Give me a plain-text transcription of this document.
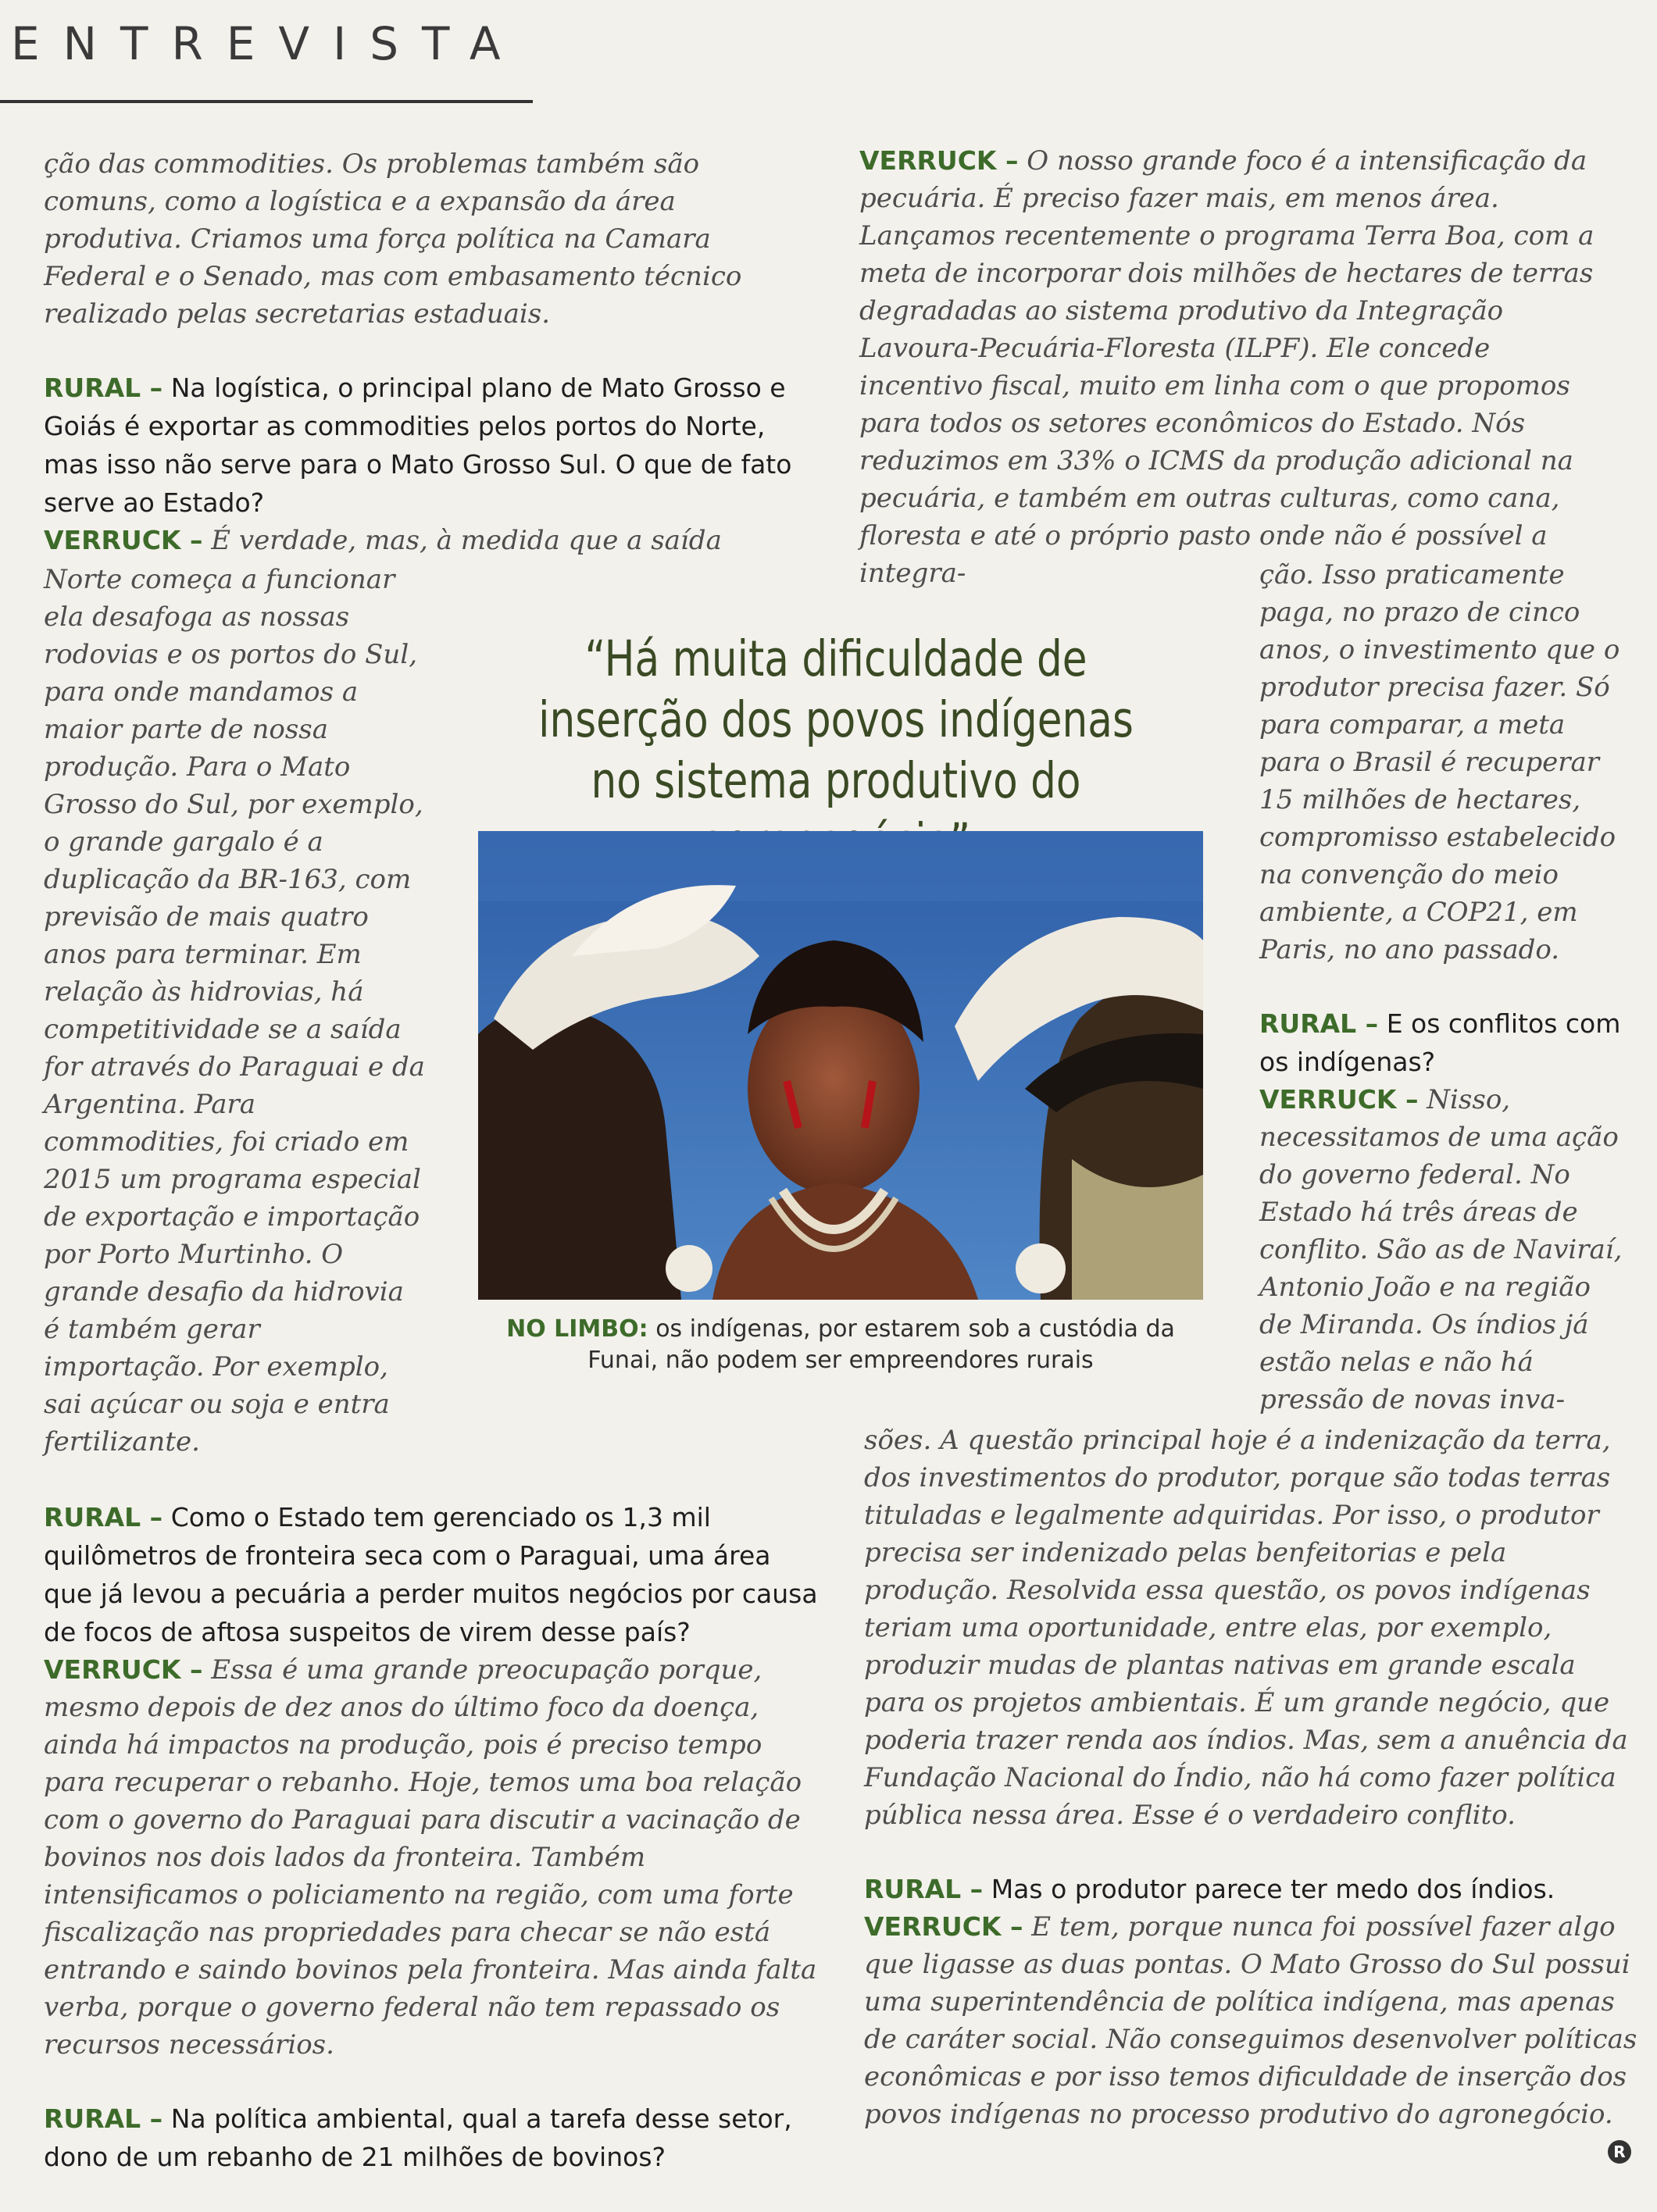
ENTREVISTA

ção das commodities. Os problemas também são comuns, como a logística e a expansão da área produtiva. Criamos uma força política na Camara Federal e o Senado, mas com embasamento técnico realizado pelas secretarias estaduais.

RURAL – Na logística, o principal plano de Mato Grosso e Goiás é exportar as commodities pelos portos do Norte, mas isso não serve para o Mato Grosso Sul. O que de fato serve ao Estado?

VERRUCK – É verdade, mas, à medida que a saída

Norte começa a funcionar ela desafoga as nossas rodovias e os portos do Sul, para onde mandamos a maior parte de nossa produção. Para o Mato Grosso do Sul, por exemplo, o grande gargalo é a duplicação da BR-163, com previsão de mais quatro anos para terminar. Em relação às hidrovias, há competitividade se a saída for através do Paraguai e da Argentina. Para commodities, foi criado em 2015 um programa especial de exportação e importação por Porto Murtinho. O grande desafio da hidrovia é também gerar importação. Por exemplo, sai açúcar ou soja e entra fertilizante.

RURAL – Como o Estado tem gerenciado os 1,3 mil quilômetros de fronteira seca com o Paraguai, uma área que já levou a pecuária a perder muitos negócios por causa de focos de aftosa suspeitos de virem desse país?

VERRUCK – Essa é uma grande preocupação porque, mesmo depois de dez anos do último foco da doença, ainda há impactos na produção, pois é preciso tempo para recuperar o rebanho. Hoje, temos uma boa relação com o governo do Paraguai para discutir a vacinação de bovinos nos dois lados da fronteira. Também intensificamos o policiamento na região, com uma forte fiscalização nas propriedades para checar se não está entrando e saindo bovinos pela fronteira. Mas ainda falta verba, porque o governo federal não tem repassado os recursos necessários.

RURAL – Na política ambiental, qual a tarefa desse setor, dono de um rebanho de 21 milhões de bovinos?

VERRUCK – O nosso grande foco é a intensificação da pecuária. É preciso fazer mais, em menos área. Lançamos recentemente o programa Terra Boa, com a meta de incorporar dois milhões de hectares de terras degradadas ao sistema produtivo da Integração Lavoura-Pecuária-Floresta (ILPF). Ele concede incentivo fiscal, muito em linha com o que propomos para todos os setores econômicos do Estado. Nós reduzimos em 33% o ICMS da produção adicional na pecuária, e também em outras culturas, como cana, floresta e até o próprio pasto onde não é possível a integra-	ção. Isso praticamente paga, no prazo de cinco anos, o investimento que o produtor precisa fazer. Só para comparar, a meta para o Brasil é recuperar 15 milhões de hectares, compromisso estabelecido na convenção do meio ambiente, a COP21, em Paris, no ano passado.

RURAL – E os conflitos com os indígenas?

VERRUCK – Nisso, necessitamos de uma ação do governo federal. No Estado há três áreas de conflito. São as de Naviraí, Antonio João e na região de Miranda. Os índios já estão nelas e não há pressão de novas inva-

sões. A questão principal hoje é a indenização da terra, dos investimentos do produtor, porque são todas terras tituladas e legalmente adquiridas. Por isso, o produtor precisa ser indenizado pelas benfeitorias e pela produção. Resolvida essa questão, os povos indígenas teriam uma oportunidade, entre elas, por exemplo, produzir mudas de plantas nativas em grande escala para os projetos ambientais. É um grande negócio, que poderia trazer renda aos índios. Mas, sem a anuência da Fundação Nacional do Índio, não há como fazer política pública nessa área. Esse é o verdadeiro conflito.

RURAL – Mas o produtor parece ter medo dos índios.

VERRUCK – E tem, porque nunca foi possível fazer algo que ligasse as duas pontas. O Mato Grosso do Sul possui uma superintendência de política indígena, mas apenas de caráter social. Não conseguimos desenvolver políticas econômicas e por isso temos dificuldade de inserção dos povos indígenas no processo produtivo do agronegócio.

“Há muita dificuldade de inserção dos povos indígenas no sistema produtivo do

NO LIMBO: os indígenas, por estarem sob a custódia da Funai, não podem ser empreendores rurais

R
